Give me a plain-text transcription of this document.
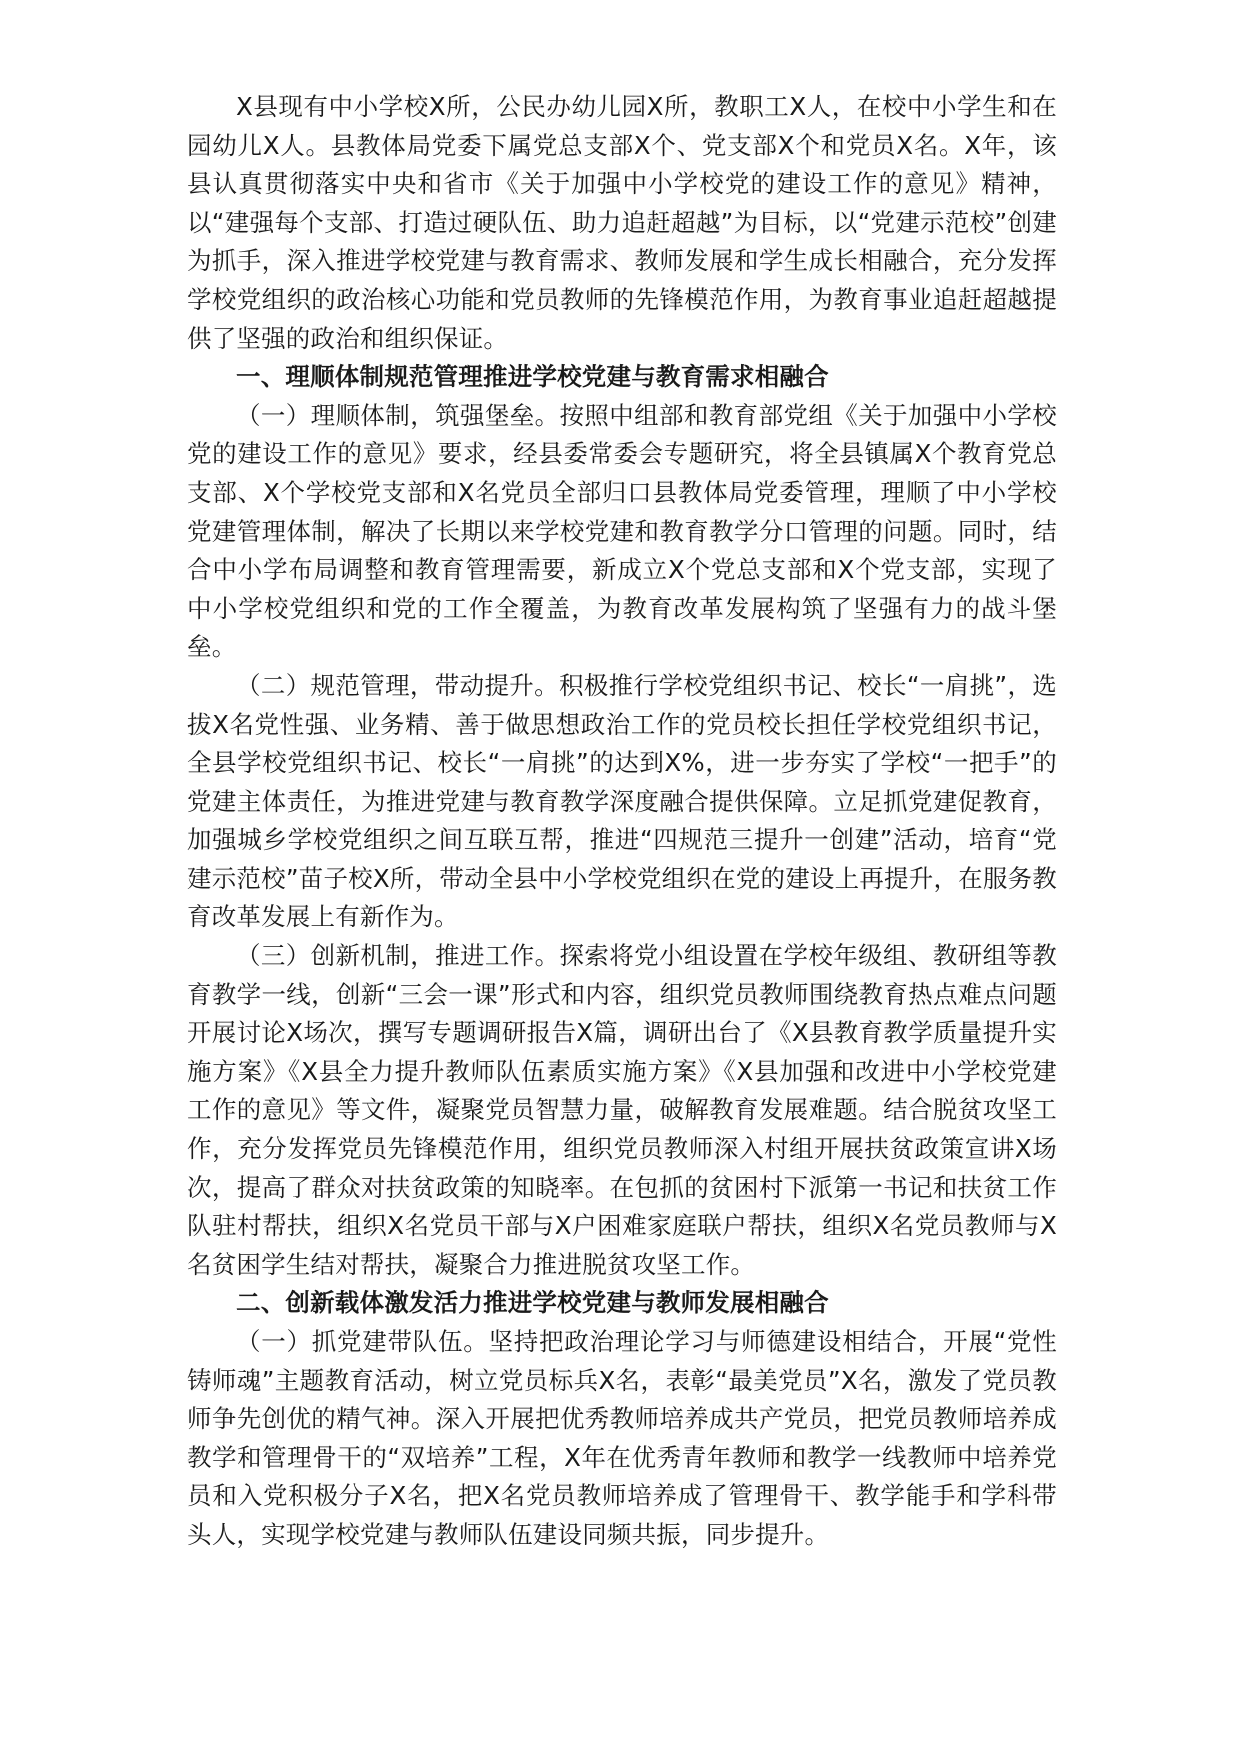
X县现有中小学校X所，公民办幼儿园X所，教职工X人，在校中小学生和在园幼儿X人。县教体局党委下属党总支部X个、党支部X个和党员X名。X年，该县认真贯彻落实中央和省市《关于加强中小学校党的建设工作的意见》精神，以“建强每个支部、打造过硬队伍、助力追赶超越”为目标，以“党建示范校”创建为抓手，深入推进学校党建与教育需求、教师发展和学生成长相融合，充分发挥学校党组织的政治核心功能和党员教师的先锋模范作用，为教育事业追赶超越提供了坚强的政治和组织保证。

一、理顺体制规范管理推进学校党建与教育需求相融合

（一）理顺体制，筑强堡垒。按照中组部和教育部党组《关于加强中小学校党的建设工作的意见》要求，经县委常委会专题研究，将全县镇属X个教育党总支部、X个学校党支部和X名党员全部归口县教体局党委管理，理顺了中小学校党建管理体制，解决了长期以来学校党建和教育教学分口管理的问题。同时，结合中小学布局调整和教育管理需要，新成立X个党总支部和X个党支部，实现了中小学校党组织和党的工作全覆盖，为教育改革发展构筑了坚强有力的战斗堡垒。

（二）规范管理，带动提升。积极推行学校党组织书记、校长“一肩挑”，选拔X名党性强、业务精、善于做思想政治工作的党员校长担任学校党组织书记，全县学校党组织书记、校长“一肩挑”的达到X%，进一步夯实了学校“一把手”的党建主体责任，为推进党建与教育教学深度融合提供保障。立足抓党建促教育，加强城乡学校党组织之间互联互帮，推进“四规范三提升一创建”活动，培育“党建示范校”苗子校X所，带动全县中小学校党组织在党的建设上再提升，在服务教育改革发展上有新作为。

（三）创新机制，推进工作。探索将党小组设置在学校年级组、教研组等教育教学一线，创新“三会一课”形式和内容，组织党员教师围绕教育热点难点问题开展讨论X场次，撰写专题调研报告X篇，调研出台了《X县教育教学质量提升实施方案》《X县全力提升教师队伍素质实施方案》《X县加强和改进中小学校党建工作的意见》等文件，凝聚党员智慧力量，破解教育发展难题。结合脱贫攻坚工作，充分发挥党员先锋模范作用，组织党员教师深入村组开展扶贫政策宣讲X场次，提高了群众对扶贫政策的知晓率。在包抓的贫困村下派第一书记和扶贫工作队驻村帮扶，组织X名党员干部与X户困难家庭联户帮扶，组织X名党员教师与X名贫困学生结对帮扶，凝聚合力推进脱贫攻坚工作。

二、创新载体激发活力推进学校党建与教师发展相融合

（一）抓党建带队伍。坚持把政治理论学习与师德建设相结合，开展“党性铸师魂”主题教育活动，树立党员标兵X名，表彰“最美党员”X名，激发了党员教师争先创优的精气神。深入开展把优秀教师培养成共产党员，把党员教师培养成教学和管理骨干的“双培养”工程，X年在优秀青年教师和教学一线教师中培养党员和入党积极分子X名，把X名党员教师培养成了管理骨干、教学能手和学科带头人，实现学校党建与教师队伍建设同频共振，同步提升。
